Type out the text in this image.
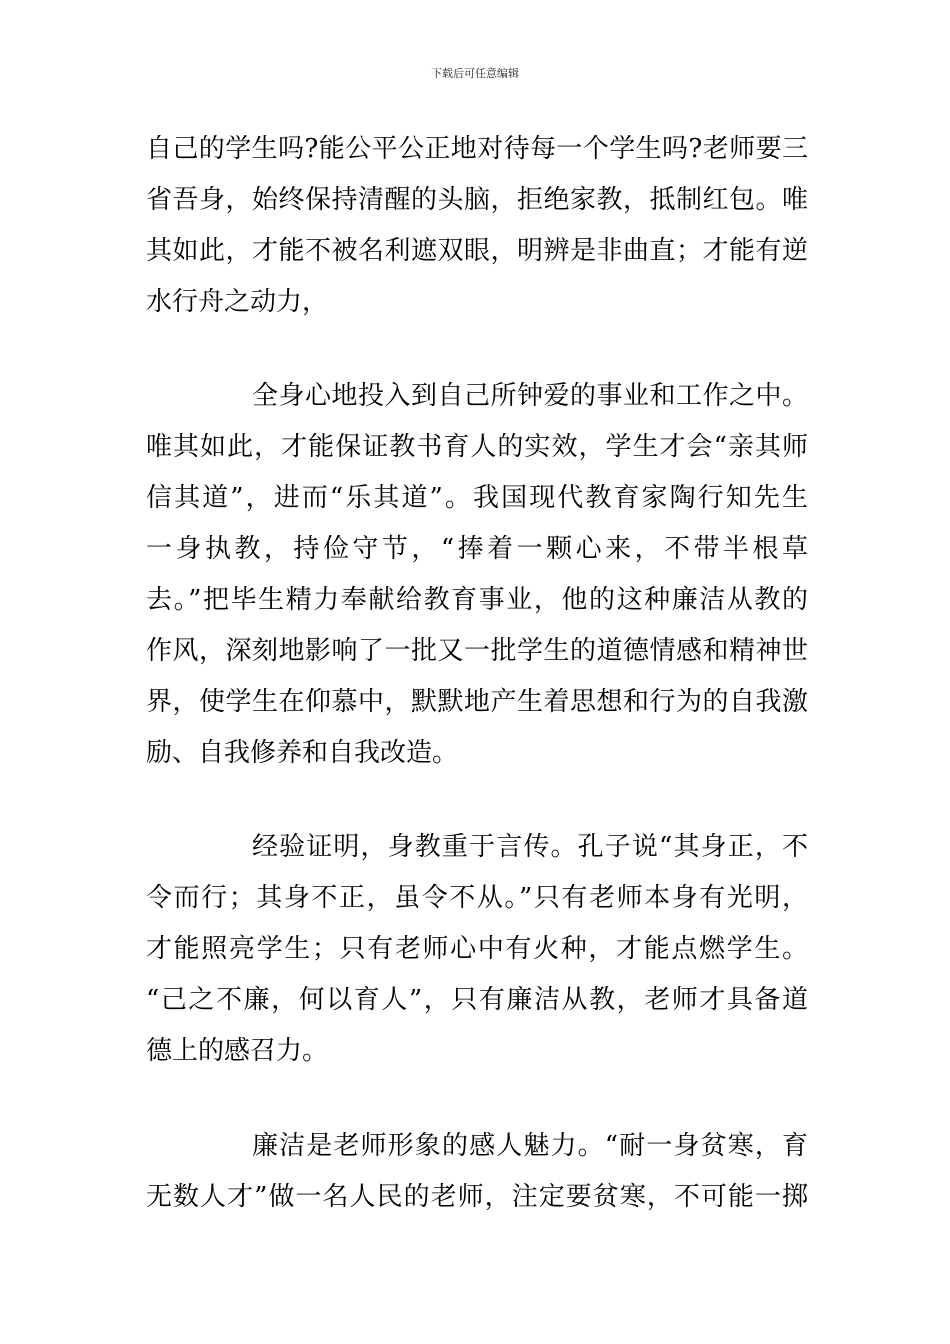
下载后可任意编辑

自己的学生吗?能公平公正地对待每一个学生吗?老师要三
省吾身，始终保持清醒的头脑，拒绝家教，抵制红包。唯
其如此，才能不被名利遮双眼，明辨是非曲直；才能有逆
水行舟之动力，

全身心地投入到自己所钟爱的事业和工作之中。
唯其如此，才能保证教书育人的实效，学生才会“亲其师
信其道”，进而“乐其道”。我国现代教育家陶行知先生
一身执教，持俭守节，“捧着一颗心来，不带半根草
去。”把毕生精力奉献给教育事业，他的这种廉洁从教的
作风，深刻地影响了一批又一批学生的道德情感和精神世
界，使学生在仰慕中，默默地产生着思想和行为的自我激
励、自我修养和自我改造。

经验证明，身教重于言传。孔子说“其身正，不
令而行；其身不正，虽令不从。”只有老师本身有光明，
才能照亮学生；只有老师心中有火种，才能点燃学生。
“己之不廉，何以育人”，只有廉洁从教，老师才具备道
德上的感召力。

廉洁是老师形象的感人魅力。“耐一身贫寒，育
无数人才”做一名人民的老师，注定要贫寒，不可能一掷
